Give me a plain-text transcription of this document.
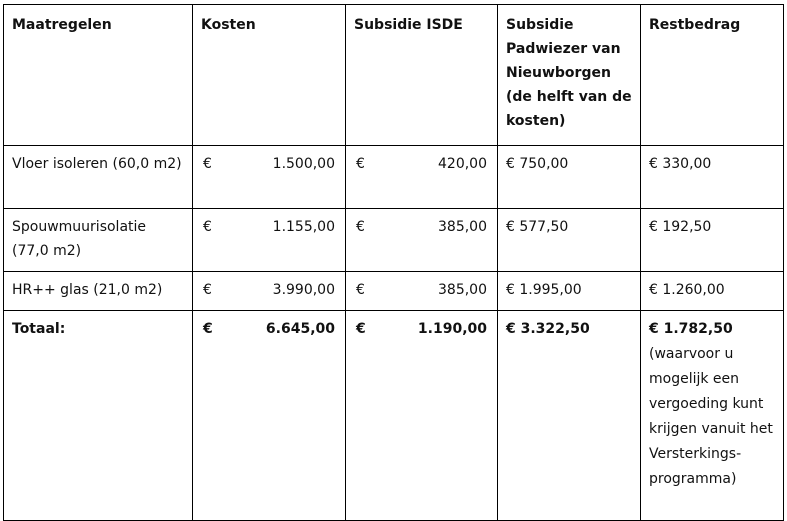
Maatregelen	Kosten	Subsidie ISDE	Subsidie Padwiezer van Nieuwborgen (de helft van de kosten)	Restbedrag
Vloer isoleren (60,0 m2)	€ 1.500,00	€ 420,00	€ 750,00	€ 330,00
Spouwmuurisolatie (77,0 m2)	€ 1.155,00	€ 385,00	€ 577,50	€ 192,50
HR++ glas (21,0 m2)	€ 3.990,00	€ 385,00	€ 1.995,00	€ 1.260,00
Totaal:	€ 6.645,00	€ 1.190,00	€ 3.322,50	€ 1.782,50
(waarvoor u mogelijk een vergoeding kunt krijgen vanuit het Versterkings-programma)
